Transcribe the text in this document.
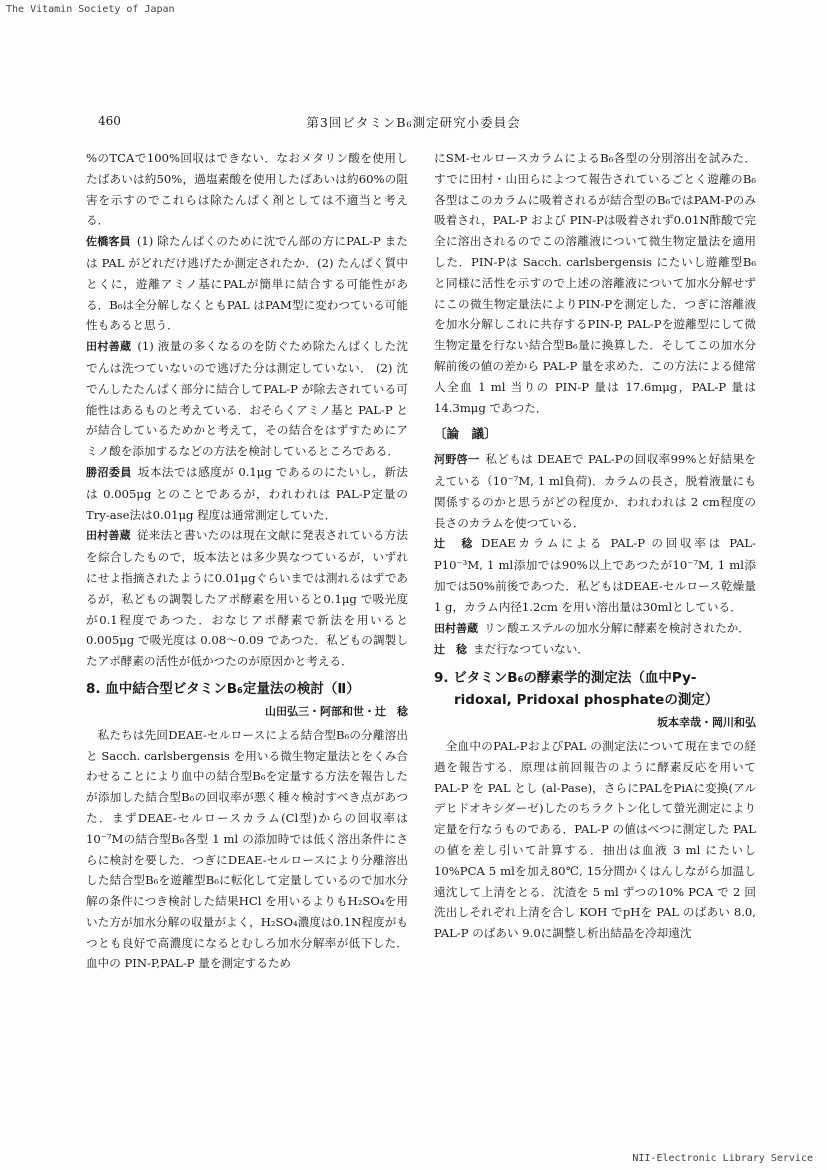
The Vitamin Society of Japan
460	第3回ビタミンB₆測定研究小委員会

%のTCAで100%回収はできない．なおメタリン酸を使用したばあいは約50%，過塩素酸を使用したばあいは約60%の阻害を示すのでこれらは除たんぱく剤としては不適当と考える．

佐橋客員 (1) 除たんぱくのために沈でん部の方にPAL-P または PAL がどれだけ逃げたか測定されたか．(2) たんぱく質中とくに，遊離アミノ基にPALが簡単に結合する可能性がある．B₆は全分解しなくともPAL はPAM型に変わつている可能性もあると思う．

田村善蔵 (1) 液量の多くなるのを防ぐため除たんぱくした沈でんは洗つていないので逃げた分は測定していない． (2) 沈でんしたたんぱく部分に結合してPAL-P が除去されている可能性はあるものと考えている．おそらくアミノ基と PAL-P とが結合しているためかと考えて，その結合をはずすためにアミノ酸を添加するなどの方法を検討しているところである．

勝沼委員 坂本法では感度が 0.1μg であるのにたいし，新法は 0.005μg とのことであるが，われわれは PAL-P定量の Try-ase法は0.01μg 程度は通常測定していた．

田村善蔵 従来法と書いたのは現在文献に発表されている方法を綜合したもので，坂本法とは多少異なつているが，いずれにせよ指摘されたように0.01μgぐらいまでは測れるはずであるが，私どもの調製したアポ酵素を用いると0.1μg で吸光度が0.1程度であつた．おなじアポ酵素で新法を用いると 0.005μg で吸光度は 0.08〜0.09 であつた．私どもの調製したアポ酵素の活性が低かつたのが原因かと考える．

8. 血中結合型ビタミンB₆定量法の検討（Ⅱ）
山田弘三・阿部和世・辻　稔

私たちは先回DEAE-セルロースによる結合型B₆の分離溶出と Sacch. carlsbergensis を用いる微生物定量法とをくみ合わせることにより血中の結合型B₆を定量する方法を報告したが添加した結合型B₆の回収率が悪く種々検討すべき点があつた．まずDEAE-セルロースカラム(Cl型)からの回収率は10⁻⁷Mの結合型B₆各型 1 ml の添加時では低く溶出条件にさらに検討を要した．つぎにDEAE-セルロースにより分離溶出した結合型B₆を遊離型B₆に転化して定量しているので加水分解の条件につき検討した結果HCl を用いるよりもH₂SO₄を用いた方が加水分解の収量がよく，H₂SO₄濃度は0.1N程度がもつとも良好で高濃度になるとむしろ加水分解率が低下した．血中の PIN-P,PAL-P 量を測定するため

にSM-セルロースカラムによるB₆各型の分別溶出を試みた．すでに田村・山田らによつて報告されているごとく遊離のB₆各型はこのカラムに吸着されるが結合型のB₆ではPAM-Pのみ吸着され，PAL-P および PIN-Pは吸着されず0.01N酢酸で完全に溶出されるのでこの溶離液について微生物定量法を適用した．PIN-Pは Sacch. carlsbergensis にたいし遊離型B₆と同様に活性を示すので上述の溶離液について加水分解せずにこの微生物定量法によりPIN-Pを測定した．つぎに溶離液を加水分解しこれに共存するPIN-P, PAL-Pを遊離型にして微生物定量を行ない結合型B₆量に換算した．そしてこの加水分解前後の値の差から PAL-P 量を求めた．この方法による健常人全血 1 ml 当りの PIN-P 量は 17.6mμg，PAL-P 量は 14.3mμg であつた．

〔論　議〕

河野啓一 私どもは DEAEで PAL-Pの回収率99%と好結果をえている（10⁻⁷M, 1 ml負荷)．カラムの長さ，脱着液量にも関係するのかと思うがどの程度か．われわれは 2 cm程度の長さのカラムを使つている．

辻　稔 DEAEカラムによる PAL-P の回収率は PAL-P10⁻³M, 1 ml添加では90%以上であつたが10⁻⁷M, 1 ml添加では50%前後であつた．私どもはDEAE-セルロース乾燥量 1 g，カラム内径1.2cm を用い溶出量は30mlとしている．

田村善蔵 リン酸エステルの加水分解に酵素を検討されたか．

辻　稔 まだ行なつていない．

9. ビタミンB₆の酵素学的測定法（血中Py-
ridoxal, Pridoxal phosphateの測定）
坂本幸哉・岡川和弘

全血中のPAL-PおよびPAL の測定法について現在までの経過を報告する．原理は前回報告のように酵素反応を用いて PAL-P を PAL とし (al-Pase)，さらにPALをPiAに変換(アルデヒドオキシダーゼ)したのちラクトン化して螢光測定により定量を行なうものである．PAL-P の値はべつに測定した PALの値を差し引いて計算する．抽出は血液 3 ml にたいし10%PCA 5 mlを加え80℃, 15分間かくはんしながら加温し遠沈して上清をとる．沈渣を 5 ml ずつの10% PCA で 2 回洗出しそれぞれ上清を合し KOH でpHを PAL のばあい 8.0, PAL-P のばあい 9.0に調整し析出結晶を冷却遠沈

NII-Electronic Library Service
